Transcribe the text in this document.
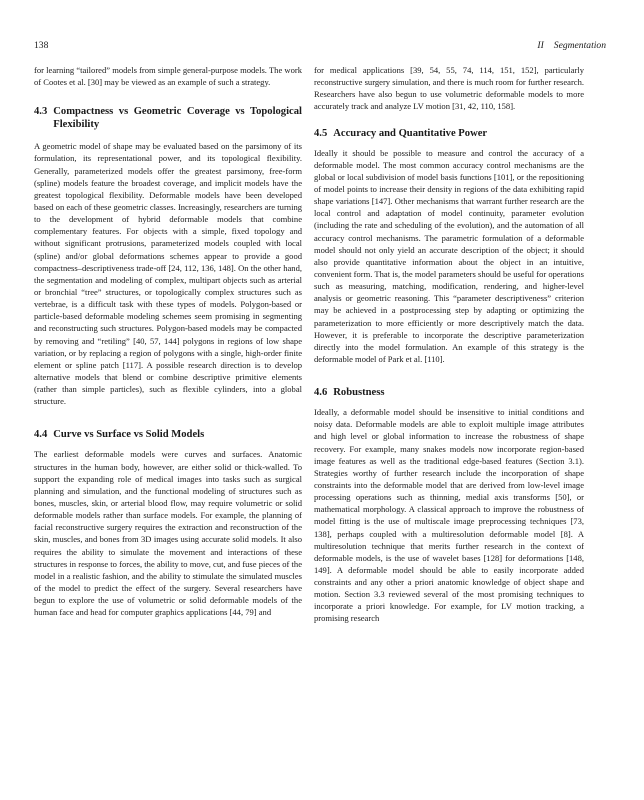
138	II Segmentation

for learning “tailored” models from simple general-purpose models. The work of Cootes et al. [30] may be viewed as an example of such a strategy.

4.3 Compactness vs Geometric Coverage vs Topological Flexibility

A geometric model of shape may be evaluated based on the parsimony of its formulation, its representational power, and its topological flexibility. Generally, parameterized models offer the greatest parsimony, free-form (spline) models feature the broadest coverage, and implicit models have the greatest topological flexibility. Deformable models have been developed based on each of these geometric classes. Increasingly, researchers are turning to the development of hybrid deformable models that combine complementary features. For objects with a simple, fixed topology and without significant protrusions, parameterized models coupled with local (spline) and/or global deformations schemes appear to provide a good compactness–descriptiveness trade-off [24, 112, 136, 148]. On the other hand, the segmentation and modeling of complex, multipart objects such as arterial or bronchial “tree” structures, or topologically complex structures such as vertebrae, is a difficult task with these types of models. Polygon-based or particle-based deformable modeling schemes seem promising in segmenting and reconstructing such structures. Polygon-based models may be compacted by removing and “retiling” [40, 57, 144] polygons in regions of low shape variation, or by replacing a region of polygons with a single, high-order finite element or spline patch [117]. A possible research direction is to develop alternative models that blend or combine descriptive primitive elements (rather than simple particles), such as flexible cylinders, into a global structure.

4.4 Curve vs Surface vs Solid Models

The earliest deformable models were curves and surfaces. Anatomic structures in the human body, however, are either solid or thick-walled. To support the expanding role of medical images into tasks such as surgical planning and simulation, and the functional modeling of structures such as bones, muscles, skin, or arterial blood flow, may require volumetric or solid deformable models rather than surface models. For example, the planning of facial reconstructive surgery requires the extraction and reconstruction of the skin, muscles, and bones from 3D images using accurate solid models. It also requires the ability to simulate the movement and interactions of these structures in response to forces, the ability to move, cut, and fuse pieces of the model in a realistic fashion, and the ability to stimulate the simulated muscles of the model to predict the effect of the surgery. Several researchers have begun to explore the use of volumetric or solid deformable models of the human face and head for computer graphics applications [44, 79] and

for medical applications [39, 54, 55, 74, 114, 151, 152], particularly reconstructive surgery simulation, and there is much room for further research. Researchers have also begun to use volumetric deformable models to more accurately track and analyze LV motion [31, 42, 110, 158].

4.5 Accuracy and Quantitative Power

Ideally it should be possible to measure and control the accuracy of a deformable model. The most common accuracy control mechanisms are the global or local subdivision of model basis functions [101], or the repositioning of model points to increase their density in regions of the data exhibiting rapid shape variations [147]. Other mechanisms that warrant further research are the local control and adaptation of model continuity, parameter evolution (including the rate and scheduling of the evolution), and the automation of all accuracy control mechanisms. The parametric formulation of a deformable model should not only yield an accurate description of the object; it should also provide quantitative information about the object in an intuitive, convenient form. That is, the model parameters should be useful for operations such as measuring, matching, modification, rendering, and higher-level analysis or geometric reasoning. This “parameter descriptiveness” criterion may be achieved in a postprocessing step by adapting or optimizing the parameterization to more efficiently or more descriptively match the data. However, it is preferable to incorporate the descriptive parameterization directly into the model formulation. An example of this strategy is the deformable model of Park et al. [110].

4.6 Robustness

Ideally, a deformable model should be insensitive to initial conditions and noisy data. Deformable models are able to exploit multiple image attributes and high level or global information to increase the robustness of shape recovery. For example, many snakes models now incorporate region-based image features as well as the traditional edge-based features (Section 3.1). Strategies worthy of further research include the incorporation of shape constraints into the deformable model that are derived from low-level image processing operations such as thinning, medial axis transforms [50], or mathematical morphology. A classical approach to improve the robustness of model fitting is the use of multiscale image preprocessing techniques [73, 138], perhaps coupled with a multiresolution deformable model [8]. A multiresolution technique that merits further research in the context of deformable models, is the use of wavelet bases [128] for deformations [148, 149]. A deformable model should be able to easily incorporate added constraints and any other a priori anatomic knowledge of object shape and motion. Section 3.3 reviewed several of the most promising techniques to incorporate a priori knowledge. For example, for LV motion tracking, a promising research
